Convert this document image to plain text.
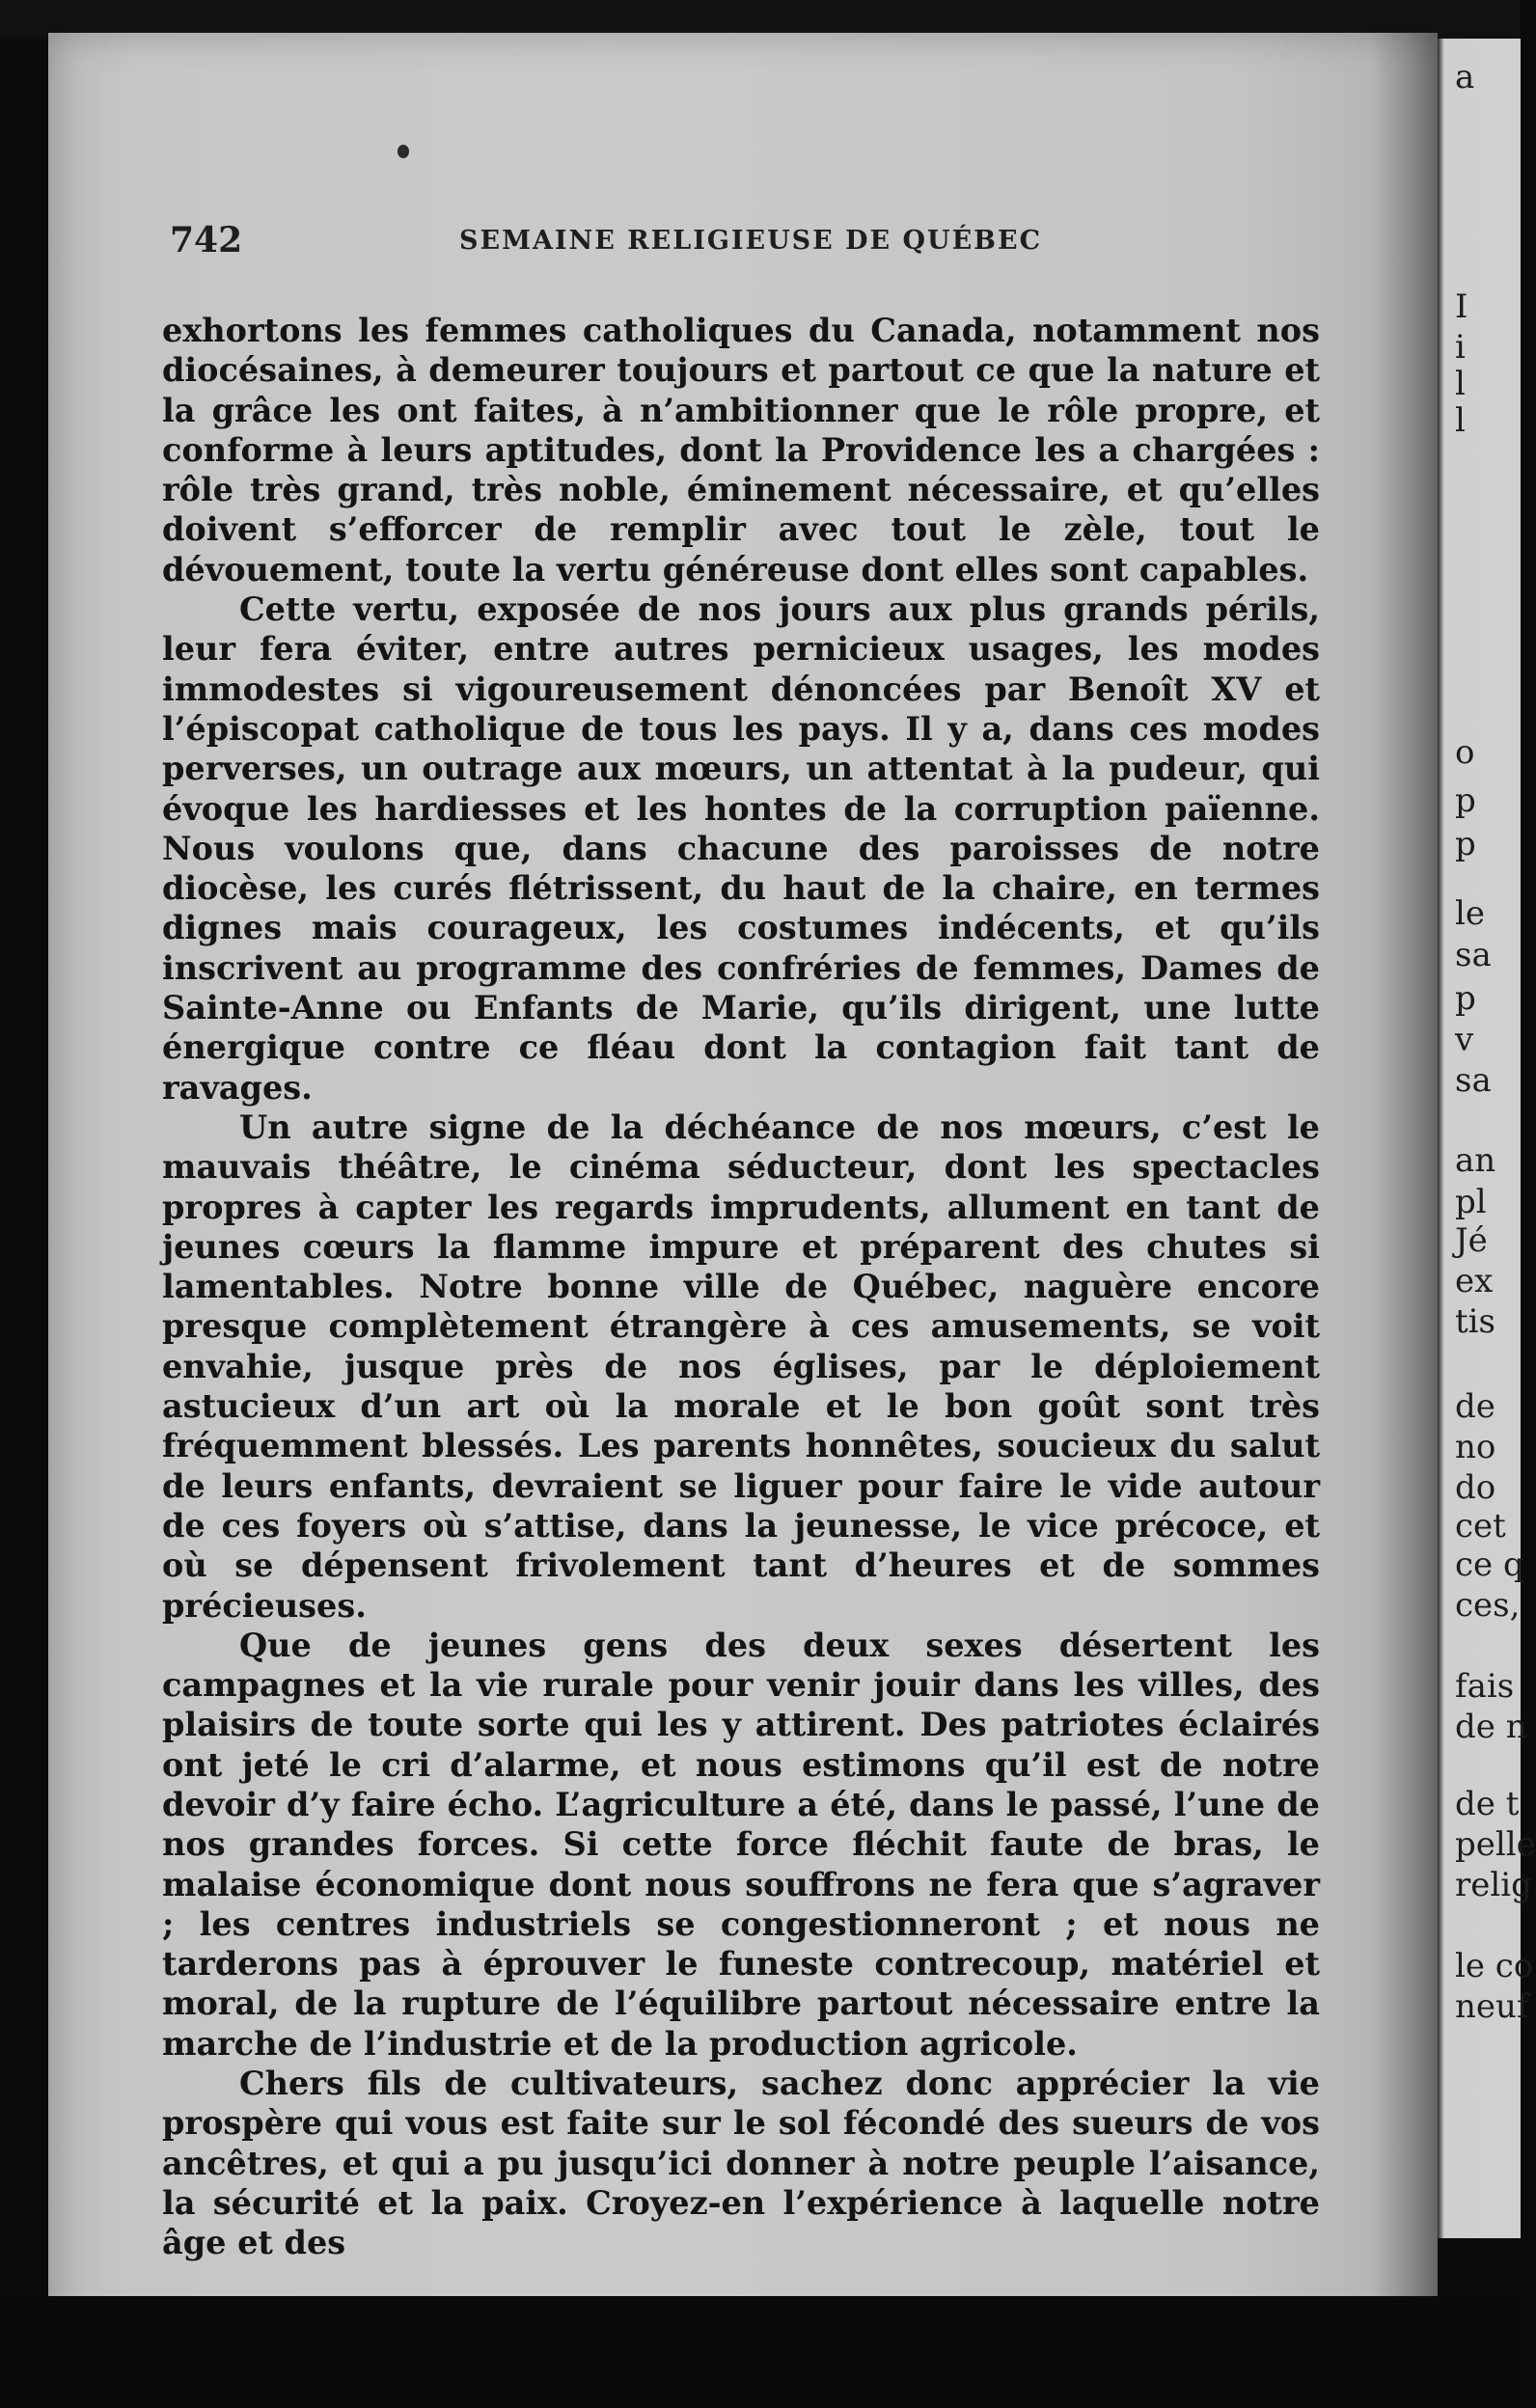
a
I
i
l
l
o
p
p
le
sa
p
v
sa
an
pl
Jé
ex
tis
de
no
do
cet
ce q
ces,
fais
de n
de t
pelle
relig
le co
neuf
742	SEMAINE RELIGIEUSE DE QUÉBEC

exhortons les femmes catholiques du Canada, notamment nos diocésaines, à demeurer toujours et partout ce que la nature et la grâce les ont faites, à n’ambitionner que le rôle propre, et conforme à leurs aptitudes, dont la Providence les a chargées : rôle très grand, très noble, éminement nécessaire, et qu’elles doivent s’efforcer de remplir avec tout le zèle, tout le dévouement, toute la vertu généreuse dont elles sont capables.

Cette vertu, exposée de nos jours aux plus grands périls, leur fera éviter, entre autres pernicieux usages, les modes immodestes si vigoureusement dénoncées par Benoît XV et l’épiscopat catholique de tous les pays. Il y a, dans ces modes perverses, un outrage aux mœurs, un attentat à la pudeur, qui évoque les hardiesses et les hontes de la corruption païenne. Nous voulons que, dans chacune des paroisses de notre diocèse, les curés flétrissent, du haut de la chaire, en termes dignes mais courageux, les costumes indécents, et qu’ils inscrivent au programme des confréries de femmes, Dames de Sainte-Anne ou Enfants de Marie, qu’ils dirigent, une lutte énergique contre ce fléau dont la contagion fait tant de ravages.

Un autre signe de la déchéance de nos mœurs, c’est le mauvais théâtre, le cinéma séducteur, dont les spectacles propres à capter les regards imprudents, allument en tant de jeunes cœurs la flamme impure et préparent des chutes si lamentables. Notre bonne ville de Québec, naguère encore presque complètement étrangère à ces amusements, se voit envahie, jusque près de nos églises, par le déploiement astucieux d’un art où la morale et le bon goût sont très fréquemment blessés. Les parents honnêtes, soucieux du salut de leurs enfants, devraient se liguer pour faire le vide autour de ces foyers où s’attise, dans la jeunesse, le vice précoce, et où se dépensent frivolement tant d’heures et de sommes précieuses.

Que de jeunes gens des deux sexes désertent les campagnes et la vie rurale pour venir jouir dans les villes, des plaisirs de toute sorte qui les y attirent. Des patriotes éclairés ont jeté le cri d’alarme, et nous estimons qu’il est de notre devoir d’y faire écho. L’agriculture a été, dans le passé, l’une de nos grandes forces. Si cette force fléchit faute de bras, le malaise économique dont nous souffrons ne fera que s’agraver ; les centres industriels se congestionneront ; et nous ne tarderons pas à éprouver le funeste contrecoup, matériel et moral, de la rupture de l’équilibre partout nécessaire entre la marche de l’industrie et de la production agricole.

Chers fils de cultivateurs, sachez donc apprécier la vie prospère qui vous est faite sur le sol fécondé des sueurs de vos ancêtres, et qui a pu jusqu’ici donner à notre peuple l’aisance, la sécurité et la paix. Croyez-en l’expérience à laquelle notre âge et des
